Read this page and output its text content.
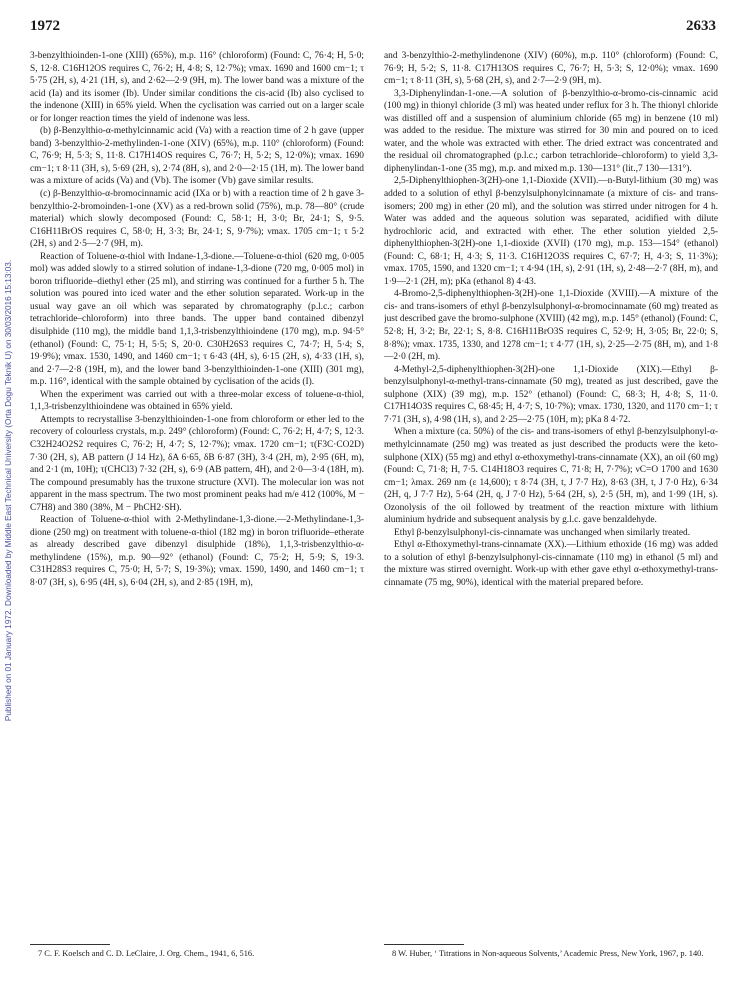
Published on 01 January 1972. Downloaded by Middle East Technical University (Orta Dogu Teknik U) on 30/03/2016 15:13:03.
1972	2633

3-benzylthioinden-1-one (XIII) (65%), m.p. 116° (chloroform) (Found: C, 76·4; H, 5·0; S, 12·8. C16H12OS requires C, 76·2; H, 4·8; S, 12·7%); νmax. 1690 and 1600 cm−1; τ 5·75 (2H, s), 4·21 (1H, s), and 2·62—2·9 (9H, m). The lower band was a mixture of the acid (Ia) and its isomer (Ib). Under similar conditions the cis-acid (Ib) also cyclised to the indenone (XIII) in 65% yield. When the cyclisation was carried out on a larger scale or for longer reaction times the yield of indenone was less.

(b) β-Benzylthio-α-methylcinnamic acid (Va) with a reaction time of 2 h gave (upper band) 3-benzylthio-2-methylinden-1-one (XIV) (65%), m.p. 110° (chloroform) (Found: C, 76·9; H, 5·3; S, 11·8. C17H14OS requires C, 76·7; H, 5·2; S, 12·0%); νmax. 1690 cm−1; τ 8·11 (3H, s), 5·69 (2H, s), 2·74 (8H, s), and 2·0—2·15 (1H, m). The lower band was a mixture of acids (Va) and (Vb). The isomer (Vb) gave similar results.

(c) β-Benzylthio-α-bromocinnamic acid (IXa or b) with a reaction time of 2 h gave 3-benzylthio-2-bromoinden-1-one (XV) as a red-brown solid (75%), m.p. 78—80° (crude material) which slowly decomposed (Found: C, 58·1; H, 3·0; Br, 24·1; S, 9·5. C16H11BrOS requires C, 58·0; H, 3·3; Br, 24·1; S, 9·7%); νmax. 1705 cm−1; τ 5·2 (2H, s) and 2·5—2·7 (9H, m).

Reaction of Toluene-α-thiol with Indane-1,3-dione.—Toluene-α-thiol (620 mg, 0·005 mol) was added slowly to a stirred solution of indane-1,3-dione (720 mg, 0·005 mol) in boron trifluoride–diethyl ether (25 ml), and stirring was continued for a further 5 h. The solution was poured into iced water and the ether solution separated. Work-up in the usual way gave an oil which was separated by chromatography (p.l.c.; carbon tetrachloride–chloroform) into three bands. The upper band contained dibenzyl disulphide (110 mg), the middle band 1,1,3-trisbenzylthioindene (170 mg), m.p. 94·5° (ethanol) (Found: C, 75·1; H, 5·5; S, 20·0. C30H26S3 requires C, 74·7; H, 5·4; S, 19·9%); νmax. 1530, 1490, and 1460 cm−1; τ 6·43 (4H, s), 6·15 (2H, s), 4·33 (1H, s), and 2·7—2·8 (19H, m), and the lower band 3-benzylthioinden-1-one (XIII) (301 mg), m.p. 116°, identical with the sample obtained by cyclisation of the acids (I).

When the experiment was carried out with a three-molar excess of toluene-α-thiol, 1,1,3-trisbenzylthioindene was obtained in 65% yield.

Attempts to recrystallise 3-benzylthioinden-1-one from chloroform or ether led to the recovery of colourless crystals, m.p. 249° (chloroform) (Found: C, 76·2; H, 4·7; S, 12·3. C32H24O2S2 requires C, 76·2; H, 4·7; S, 12·7%); νmax. 1720 cm−1; τ(F3C·CO2D) 7·30 (2H, s), AB pattern (J 14 Hz), δA 6·65, δB 6·87 (3H), 3·4 (2H, m), 2·95 (6H, m), and 2·1 (m, 10H); τ(CHCl3) 7·32 (2H, s), 6·9 (AB pattern, 4H), and 2·0—3·4 (18H, m). The compound presumably has the truxone structure (XVI). The molecular ion was not apparent in the mass spectrum. The two most prominent peaks had m/e 412 (100%, M − C7H8) and 380 (38%, M − PhCH2·SH).

Reaction of Toluene-α-thiol with 2-Methylindane-1,3-dione.—2-Methylindane-1,3-dione (250 mg) on treatment with toluene-α-thiol (182 mg) in boron trifluoride–etherate as already described gave dibenzyl disulphide (18%), 1,1,3-trisbenzylthio-α-methylindene (15%), m.p. 90—92° (ethanol) (Found: C, 75·2; H, 5·9; S, 19·3. C31H28S3 requires C, 75·0; H, 5·7; S, 19·3%); νmax. 1590, 1490, and 1460 cm−1; τ 8·07 (3H, s), 6·95 (4H, s), 6·04 (2H, s), and 2·85 (19H, m),

7 C. F. Koelsch and C. D. LeClaire, J. Org. Chem., 1941, 6, 516.

and 3-benzylthio-2-methylindenone (XIV) (60%), m.p. 110° (chloroform) (Found: C, 76·9; H, 5·2; S, 11·8. C17H13OS requires C, 76·7; H, 5·3; S, 12·0%); νmax. 1690 cm−1; τ 8·11 (3H, s), 5·68 (2H, s), and 2·7—2·9 (9H, m).

3,3-Diphenylindan-1-one.—A solution of β-benzylthio-α-bromo-cis-cinnamic acid (100 mg) in thionyl chloride (3 ml) was heated under reflux for 3 h. The thionyl chloride was distilled off and a suspension of aluminium chloride (65 mg) in benzene (10 ml) was added to the residue. The mixture was stirred for 30 min and poured on to iced water, and the whole was extracted with ether. The dried extract was concentrated and the residual oil chromatographed (p.l.c.; carbon tetrachloride–chloroform) to yield 3,3-diphenylindan-1-one (35 mg), m.p. and mixed m.p. 130—131° (lit.,7 130—131°).

2,5-Diphenylthiophen-3(2H)-one 1,1-Dioxide (XVII).—n-Butyl-lithium (30 mg) was added to a solution of ethyl β-benzylsulphonylcinnamate (a mixture of cis- and trans-isomers; 200 mg) in ether (20 ml), and the solution was stirred under nitrogen for 4 h. Water was added and the aqueous solution was separated, acidified with dilute hydrochloric acid, and extracted with ether. The ether solution yielded 2,5-diphenylthiophen-3(2H)-one 1,1-dioxide (XVII) (170 mg), m.p. 153—154° (ethanol) (Found: C, 68·1; H, 4·3; S, 11·3. C16H12O3S requires C, 67·7; H, 4·3; S, 11·3%); νmax. 1705, 1590, and 1320 cm−1; τ 4·94 (1H, s), 2·91 (1H, s), 2·48—2·7 (8H, m), and 1·9—2·1 (2H, m); pKa (ethanol 8) 4·43.

4-Bromo-2,5-diphenylthiophen-3(2H)-one 1,1-Dioxide (XVIII).—A mixture of the cis- and trans-isomers of ethyl β-benzylsulphonyl-α-bromocinnamate (60 mg) treated as just described gave the bromo-sulphone (XVIII) (42 mg), m.p. 145° (ethanol) (Found: C, 52·8; H, 3·2; Br, 22·1; S, 8·8. C16H11BrO3S requires C, 52·9; H, 3·05; Br, 22·0; S, 8·8%); νmax. 1735, 1330, and 1278 cm−1; τ 4·77 (1H, s), 2·25—2·75 (8H, m), and 1·8—2·0 (2H, m).

4-Methyl-2,5-diphenylthiophen-3(2H)-one 1,1-Dioxide (XIX).—Ethyl β-benzylsulphonyl-α-methyl-trans-cinnamate (50 mg), treated as just described, gave the sulphone (XIX) (39 mg), m.p. 152° (ethanol) (Found: C, 68·3; H, 4·8; S, 11·0. C17H14O3S requires C, 68·45; H, 4·7; S, 10·7%); νmax. 1730, 1320, and 1170 cm−1; τ 7·71 (3H, s), 4·98 (1H, s), and 2·25—2·75 (10H, m); pKa 8 4·72.

When a mixture (ca. 50%) of the cis- and trans-isomers of ethyl β-benzylsulphonyl-α-methylcinnamate (250 mg) was treated as just described the products were the keto-sulphone (XIX) (55 mg) and ethyl α-ethoxymethyl-trans-cinnamate (XX), an oil (60 mg) (Found: C, 71·8; H, 7·5. C14H18O3 requires C, 71·8; H, 7·7%); νC=O 1700 and 1630 cm−1; λmax. 269 nm (ε 14,600); τ 8·74 (3H, t, J 7·7 Hz), 8·63 (3H, t, J 7·0 Hz), 6·34 (2H, q, J 7·7 Hz), 5·64 (2H, q, J 7·0 Hz), 5·64 (2H, s), 2·5 (5H, m), and 1·99 (1H, s). Ozonolysis of the oil followed by treatment of the reaction mixture with lithium aluminium hydride and subsequent analysis by g.l.c. gave benzaldehyde.

Ethyl β-benzylsulphonyl-cis-cinnamate was unchanged when similarly treated.

Ethyl α-Ethoxymethyl-trans-cinnamate (XX).—Lithium ethoxide (16 mg) was added to a solution of ethyl β-benzylsulphonyl-cis-cinnamate (110 mg) in ethanol (5 ml) and the mixture was stirred overnight. Work-up with ether gave ethyl α-ethoxymethyl-trans-cinnamate (75 mg, 90%), identical with the material prepared before.

8 W. Huber, ‘ Titrations in Non-aqueous Solvents,’ Academic Press, New York, 1967, p. 140.
